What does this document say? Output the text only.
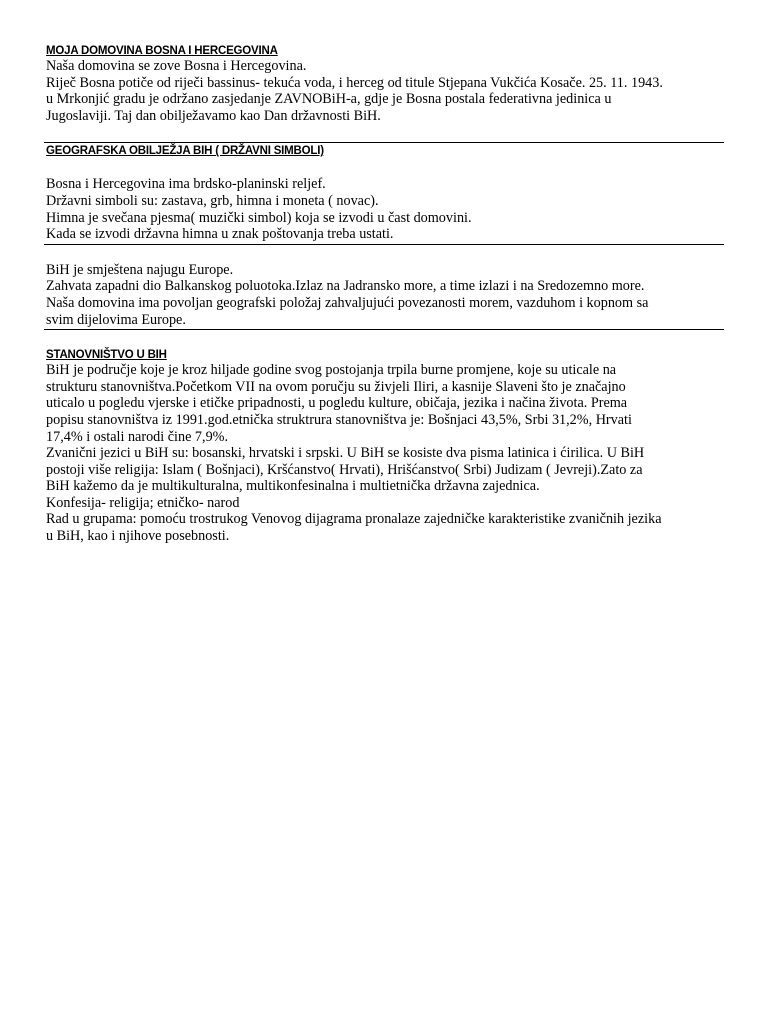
MOJA DOMOVINA BOSNA I HERCEGOVINA
Naša domovina se zove Bosna i Hercegovina.
Riječ Bosna potiče od riječi bassinus- tekuća voda, i herceg od titule Stjepana Vukčića Kosače. 25. 11. 1943.
u Mrkonjić gradu je održano zasjedanje ZAVNOBiH-a, gdje je Bosna postala federativna jedinica u
Jugoslaviji. Taj dan obilježavamo kao Dan državnosti BiH.
GEOGRAFSKA OBILJEŽJA BIH ( DRŽAVNI SIMBOLI)
Bosna i Hercegovina ima brdsko-planinski reljef.
Državni simboli su: zastava, grb, himna i moneta ( novac).
Himna je svečana pjesma( muzički simbol) koja se izvodi u čast domovini.
Kada se izvodi državna himna u znak poštovanja treba ustati.
BiH je smještena najugu Europe.
Zahvata zapadni dio Balkanskog poluotoka.Izlaz na Jadransko more, a time izlazi i na Sredozemno more.
Naša domovina ima povoljan geografski položaj zahvaljujući povezanosti morem, vazduhom i kopnom sa
svim dijelovima Europe.
STANOVNIŠTVO U BIH
BiH je područje koje je kroz hiljade godine svog postojanja trpila burne promjene, koje su uticale na
strukturu stanovništva.Početkom VII na ovom poručju su živjeli Iliri, a kasnije Slaveni što je značajno
uticalo u pogledu vjerske i etičke pripadnosti, u pogledu kulture, običaja, jezika i načina života. Prema
popisu stanovništva iz 1991.god.etnička struktrura stanovništva je: Bošnjaci 43,5%, Srbi 31,2%, Hrvati
17,4% i ostali narodi čine 7,9%.
Zvanični jezici u BiH su: bosanski, hrvatski i srpski. U BiH se kosiste dva pisma latinica i ćirilica. U BiH
postoji više religija: Islam ( Bošnjaci), Kršćanstvo( Hrvati), Hrišćanstvo( Srbi) Judizam ( Jevreji).Zato za
BiH kažemo da je multikulturalna, multikonfesinalna i multietnička državna zajednica.
Konfesija- religija; etničko- narod
Rad u grupama: pomoću trostrukog Venovog dijagrama pronalaze zajedničke karakteristike zvaničnih jezika
u BiH, kao i njihove posebnosti.
